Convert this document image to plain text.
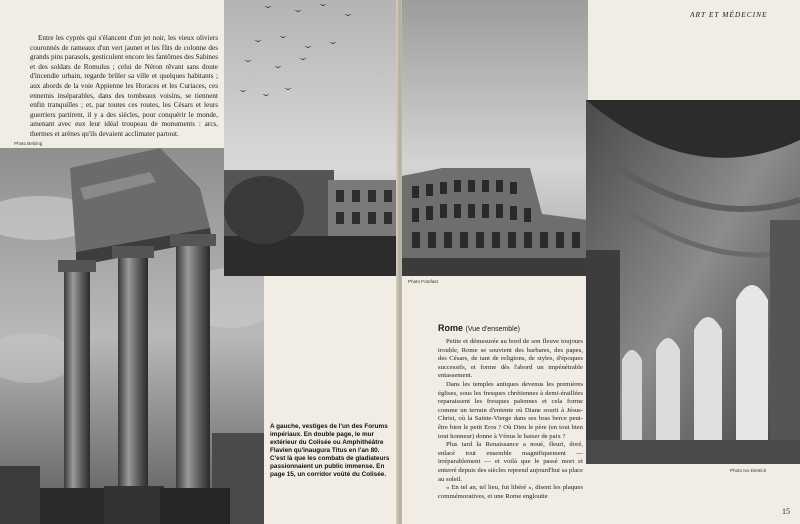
Entre les cyprès qui s'élancent d'un jet noir, les vieux oliviers couronnés de rameaux d'un vert jaunet et les fûts de colonne des grands pins parasols, gesticulent encore les fantômes des Sabines et des soldats de Romulus ; celui de Néron rêvant sans doute d'incendie urbain, regarde brûler sa ville et quelques habitants ; aux abords de la voie Appienne les Horaces et les Curiaces, ces ennemis inséparables, dans des tombeaux voisins, se tiennent enfin tranquilles ; et, par toutes ces routes, les Césars et leurs guerriers partirent, il y a des siècles, pour conquérir le monde, amenant avec eux leur idéal troupeau de monuments : arcs, thermes et arènes qu'ils devaient acclimater partout.
Photo Belzing
A gauche, vestiges de l'un des Forums impériaux. En double page, le mur extérieur du Colisée ou Amphithéâtre Flavien qu'inaugura Titus en l'an 80. C'est là que les combats de gladiateurs passionnaient un public immense. En page 15, un corridor voûté du Colisée.
Photo Fotofast
ART ET MÉDECINE
Photo Ivo Dietrich
Rome (Vue d'ensemble)

Petite et démesurée au bord de son fleuve toujours trouble, Rome se souvient des barbares, des papes, des Césars, de tant de religions, de styles, d'époques successifs, et forme dès l'abord un impénétrable entassement.

Dans les temples antiques devenus les premières églises, sous les fresques chrétiennes à demi-éraillées reparaissent les fresques païennes et cela forme comme un terrain d'entente où Diane sourit à Jésus-Christ, où la Sainte-Vierge dans ses bras berce peut-être bien le petit Eros ? Où Dieu le père (en tout bien tout honneur) donne à Vénus le baiser de paix ?

Plus tard la Renaissance a noué, fleuri, doré, enlacé tout ensemble magnifiquement — irréparablement — et voilà que le passé mort et enterré depuis des siècles reprend aujourd'hui sa place au soleil.

« En tel an, tel lieu, fut libéré », disent les plaques commémoratives, et une Rome engloutie

15
